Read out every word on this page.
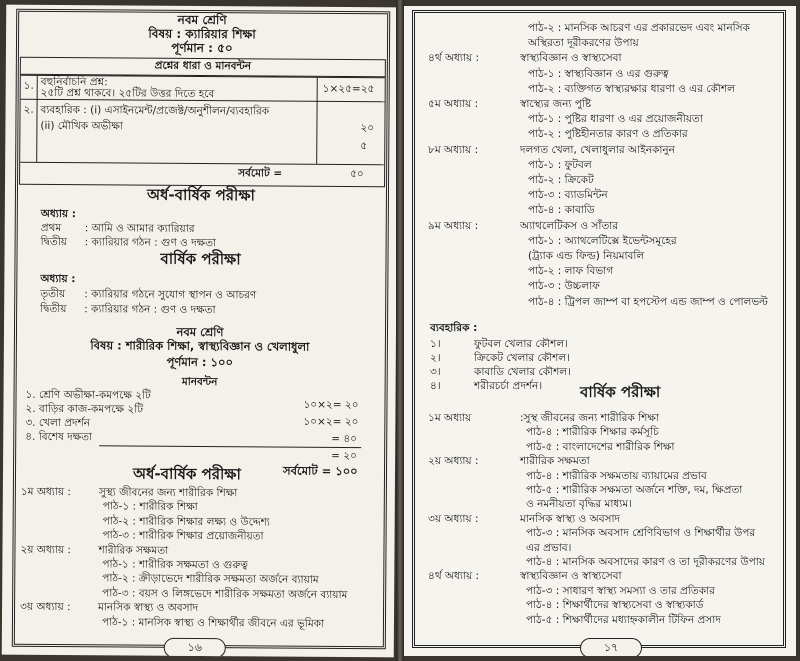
নবম শ্রেণি
বিষয় : ক্যারিয়ার শিক্ষা
পূর্ণমান : ৫০
প্রশ্নের ধারা ও মানবন্টন
১. বহুনির্বাচনি প্রশ্ন:
২৫টি প্রশ্ন থাকবে। ২৫টির উত্তর দিতে হবে	১×২৫=২৫
২. ব্যবহারিক : (i) এসাইনমেন্ট/প্রজেক্ট/অনুশীলন/ব্যবহারিক
(ii) মৌখিক অভীক্ষা	২০
৫
সর্বমোট =	৫০
অর্ধ-বার্ষিক পরীক্ষা
অধ্যায় :
প্রথম : আমি ও আমার ক্যারিয়ার
দ্বিতীয় : ক্যারিয়ার গঠন : গুণ ও দক্ষতা
বার্ষিক পরীক্ষা
অধ্যায় :
তৃতীয় : ক্যারিয়ার গঠনে সুযোগ স্থাপন ও আচরণ
দ্বিতীয় : ক্যারিয়ার গঠন : গুণ ও দক্ষতা
নবম শ্রেণি
বিষয় : শারীরিক শিক্ষা, স্বাস্থ্যবিজ্ঞান ও খেলাধুলা
পূর্ণমান : ১০০
মানবন্টন
১. শ্রেণি অভীক্ষা-কমপক্ষে ২টি
১০×২= ২০
২. বাড়ির কাজ-কমপক্ষে ২টি
১০×২= ২০
৩. খেলা প্রদর্শন
= ৪০
৪. বিশেষ দক্ষতা
= ২০
সর্বমোট = ১০০
অর্ধ-বার্ষিক পরীক্ষা
১ম অধ্যায় :	সুস্থ্য জীবনের জন্য শারীরিক শিক্ষা
পাঠ-১ : শারীরিক শিক্ষা
পাঠ-২ : শারীরিক শিক্ষার লক্ষ্য ও উদ্দেশ্য
পাঠ-৩ : শারীরিক শিক্ষার প্রয়োজনীয়তা
২য় অধ্যায় :	শারীরিক সক্ষমতা
পাঠ-১ : শারীরিক সক্ষমতা ও গুরুত্ব
পাঠ-২ : ক্রীড়াভেদে শারীরিক সক্ষমতা অর্জনে ব্যায়াম
পাঠ-৩ : বয়স ও লিঙ্গভেদে শারীরিক সক্ষমতা অর্জনে ব্যায়াম
৩য় অধ্যায় :	মানসিক স্বাস্থ্য ও অবসাদ
পাঠ-১ : মানসিক স্বাস্থ্য ও শিক্ষার্থীর জীবনে এর ভূমিকা
১৬
পাঠ-২ : মানসিক আচরণ এর প্রকারভেদ এবং মানসিক
অস্থিরতা দূরীকরণের উপায়
৪র্থ অধ্যায় :	স্বাস্থ্যবিজ্ঞান ও স্বাস্থ্যসেবা
পাঠ-১ : স্বাস্থ্যবিজ্ঞান ও এর গুরুত্ব
পাঠ-২ : ব্যক্তিগত স্বাস্থ্যরক্ষার ধারণা ও এর কৌশল
৫ম অধ্যায় :	স্বাস্থ্যের জন্য পুষ্টি
পাঠ-১ : পুষ্টির ধারণা ও এর প্রয়োজনীয়তা
পাঠ-২ : পুষ্টিহীনতার কারণ ও প্রতিকার
৮ম অধ্যায় :	দলগত খেলা, খেলাধুলার আইনকানুন
পাঠ-১ : ফুটবল
পাঠ-২ : ক্রিকেট
পাঠ-৩ : ব্যাডমিন্টন
পাঠ-৪ : কাবাডি
৯ম অধ্যায় :	অ্যাথলেটিকস ও সাঁতার
পাঠ-১ : অ্যাথলেটিক্সে ইভেন্টসমূহের
(ট্র্যাক এন্ড ফিল্ড) নিয়মাবলি
পাঠ-২ : লাফ বিভাগ
পাঠ-৩ : উচ্চলাফ
পাঠ-৪ : ট্রিপল জাম্প বা হপস্টেপ এন্ড জাম্প ও পোলভল্ট
ব্যবহারিক :
১।	ফুটবল খেলার কৌশল।
২।	ক্রিকেট খেলার কৌশল।
৩।	কাবাডি খেলার কৌশল।
৪।	শরীরচর্চা প্রদর্শন।	বার্ষিক পরীক্ষা
১ম অধ্যায়	:সুস্থ জীবনের জন্য শারীরিক শিক্ষা
পাঠ-৪ : শারীরিক শিক্ষার কর্মসূচি
পাঠ-৫ : বাংলাদেশের শারীরিক শিক্ষা
২য় অধ্যায় :	শারীরিক সক্ষমতা
পাঠ-৪ : শারীরিক সক্ষমতায় ব্যায়ামের প্রভাব
পাঠ-৫ : শারীরিক সক্ষমতা অর্জনে শক্তি, দম, ক্ষিপ্রতা
ও নমনীয়তা বৃদ্ধির মাধ্যম।
৩য় অধ্যায় :	মানসিক স্বাস্থ্য ও অবসাদ
পাঠ-৩ : মানসিক অবসাদ শ্রেণিবিভাগ ও শিক্ষার্থীর উপর
এর প্রভাব।
পাঠ-৪ : মানসিক অবসাদের কারণ ও তা দূরীকরণের উপায়
৪র্থ অধ্যায় :	স্বাস্থ্যবিজ্ঞান ও স্বাস্থ্যসেবা
পাঠ-৩ : সাধারণ স্বাস্থ্য সমস্যা ও তার প্রতিকার
পাঠ-৪ : শিক্ষার্থীদের স্বাস্থ্যসেবা ও স্বাস্থ্যকার্ড
পাঠ-৫ : শিক্ষার্থীদের মধ্যাহ্নকালীন টিফিন প্রসাদ
১৭
